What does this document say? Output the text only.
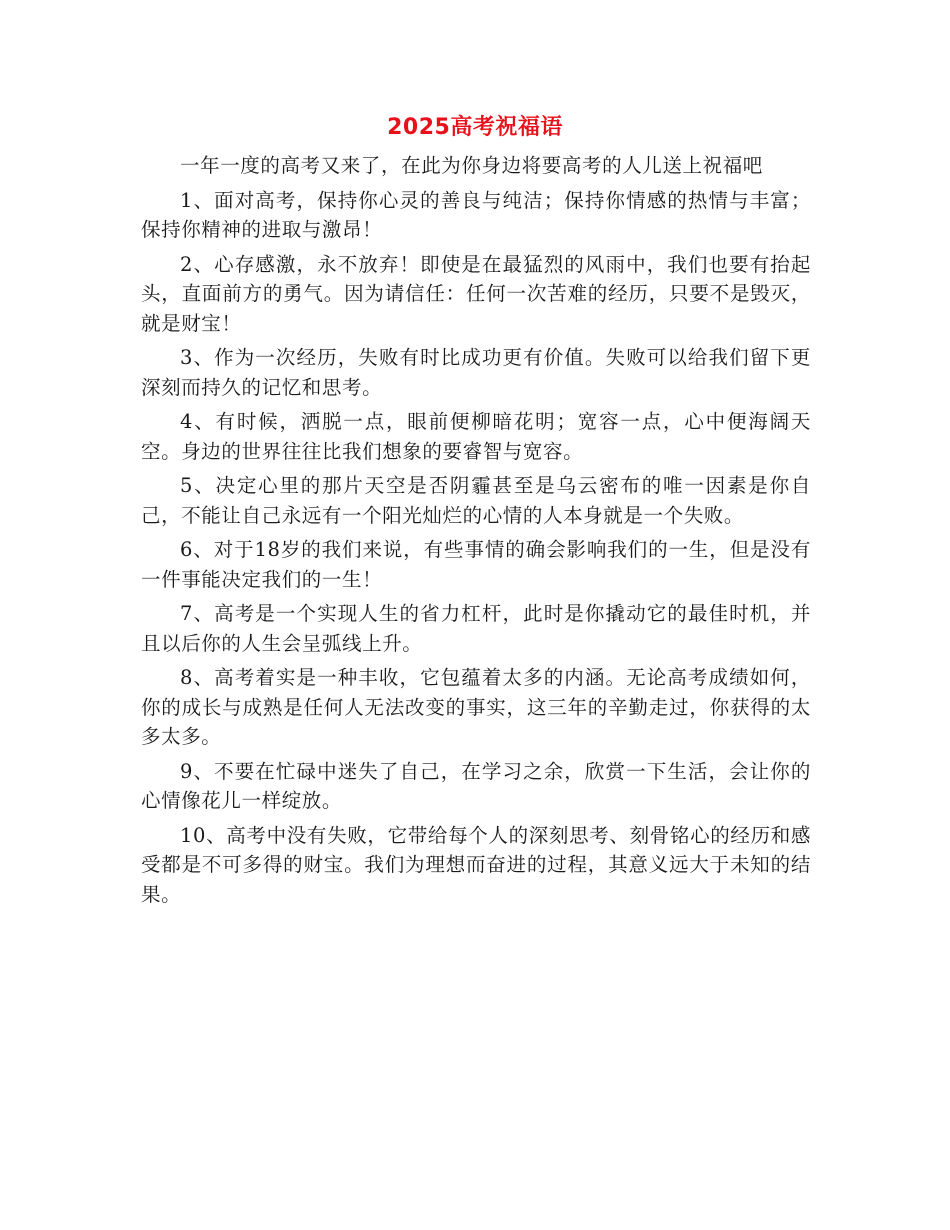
2025高考祝福语

一年一度的高考又来了，在此为你身边将要高考的人儿送上祝福吧

1、面对高考，保持你心灵的善良与纯洁；保持你情感的热情与丰富；保持你精神的进取与激昂！

2、心存感激，永不放弃！即使是在最猛烈的风雨中，我们也要有抬起头，直面前方的勇气。因为请信任：任何一次苦难的经历，只要不是毁灭，就是财宝！

3、作为一次经历，失败有时比成功更有价值。失败可以给我们留下更深刻而持久的记忆和思考。

4、有时候，洒脱一点，眼前便柳暗花明；宽容一点，心中便海阔天空。身边的世界往往比我们想象的要睿智与宽容。

5、决定心里的那片天空是否阴霾甚至是乌云密布的唯一因素是你自己，不能让自己永远有一个阳光灿烂的心情的人本身就是一个失败。

6、对于18岁的我们来说，有些事情的确会影响我们的一生，但是没有一件事能决定我们的一生！

7、高考是一个实现人生的省力杠杆，此时是你撬动它的最佳时机，并且以后你的人生会呈弧线上升。

8、高考着实是一种丰收，它包蕴着太多的内涵。无论高考成绩如何，你的成长与成熟是任何人无法改变的事实，这三年的辛勤走过，你获得的太多太多。

9、不要在忙碌中迷失了自己，在学习之余，欣赏一下生活，会让你的心情像花儿一样绽放。

10、高考中没有失败，它带给每个人的深刻思考、刻骨铭心的经历和感受都是不可多得的财宝。我们为理想而奋进的过程，其意义远大于未知的结果。
